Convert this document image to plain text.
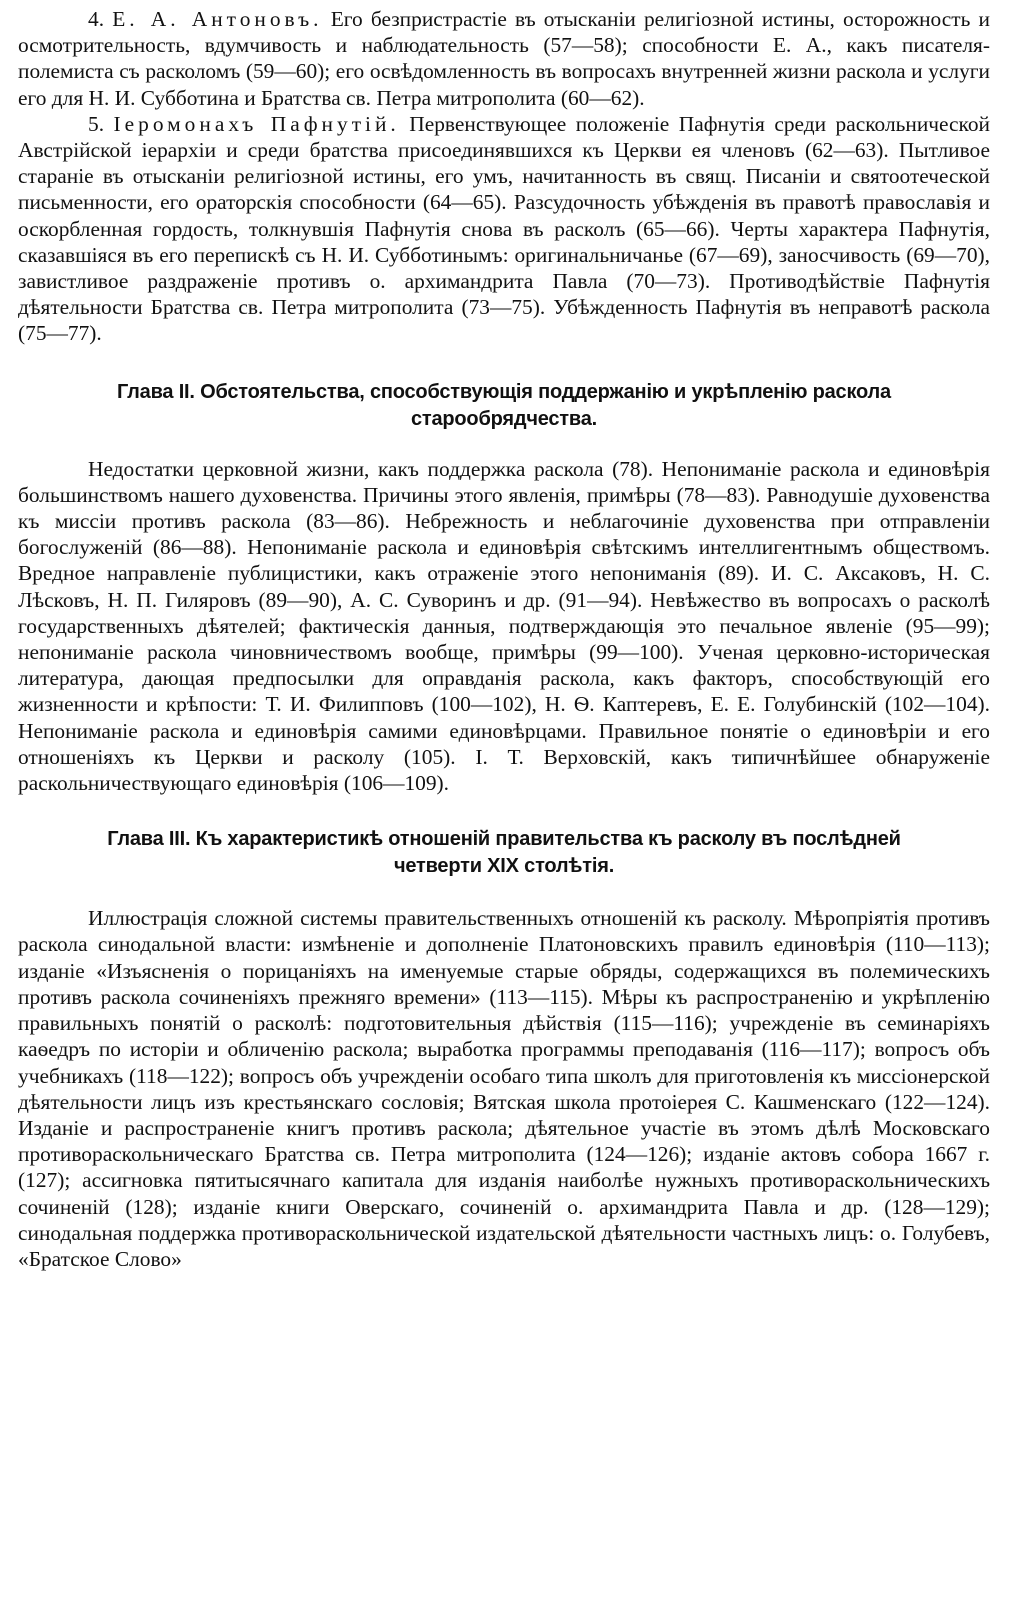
4. Е. А. Антоновъ. Его безпристрастіе въ отысканіи религіозной истины, осторожность и осмотрительность, вдумчивость и наблюдательность (57—58); способности Е. А., какъ писателя-полемиста съ расколомъ (59—60); его освѣдомленность въ вопросахъ внутренней жизни раскола и услуги его для Н. И. Субботина и Братства св. Петра митрополита (60—62).

5. Іеромонахъ Пафнутій. Первенствующее положеніе Пафнутія среди раскольнической Австрійской іерархіи и среди братства присоединявшихся къ Церкви ея членовъ (62—63). Пытливое стараніе въ отысканіи религіозной истины, его умъ, начитанность въ свящ. Писаніи и святоотеческой письменности, его ораторскія способности (64—65). Разсудочность убѣжденія въ правотѣ православія и оскорбленная гордость, толкнувшія Пафнутія снова въ расколъ (65—66). Черты характера Пафнутія, сказавшіяся въ его перепискѣ съ Н. И. Субботинымъ: оригинальничанье (67—69), заносчивость (69—70), завистливое раздраженіе противъ о. архимандрита Павла (70—73). Противодѣйствіе Пафнутія дѣятельности Братства св. Петра митрополита (73—75). Убѣжденность Пафнутія въ неправотѣ раскола (75—77).

Глава II. Обстоятельства, способствующія поддержанію и укрѣпленію раскола
старообрядчества.

Недостатки церковной жизни, какъ поддержка раскола (78). Непониманіе раскола и единовѣрія большинствомъ нашего духовенства. Причины этого явленія, примѣры (78—83). Равнодушіе духовенства къ миссіи противъ раскола (83—86). Небрежность и неблагочиніе духовенства при отправленіи богослуженій (86—88). Непониманіе раскола и единовѣрія свѣтскимъ интеллигентнымъ обществомъ. Вредное направленіе публицистики, какъ отраженіе этого непониманія (89). И. С. Аксаковъ, Н. С. Лѣсковъ, Н. П. Гиляровъ (89—90), А. С. Суворинъ и др. (91—94). Невѣжество въ вопросахъ о расколѣ государственныхъ дѣятелей; фактическія данныя, подтверждающія это печальное явленіе (95—99); непониманіе раскола чиновничествомъ вообще, примѣры (99—100). Ученая церковно-историческая литература, дающая предпосылки для оправданія раскола, какъ факторъ, способствующій его жизненности и крѣпости: Т. И. Филипповъ (100—102), Н. Ѳ. Каптеревъ, Е. Е. Голубинскій (102—104). Непониманіе раскола и единовѣрія самими единовѣрцами. Правильное понятіе о единовѣріи и его отношеніяхъ къ Церкви и расколу (105). І. Т. Верховскій, какъ типичнѣйшее обнаруженіе раскольничествующаго единовѣрія (106—109).

Глава III. Къ характеристикѣ отношеній правительства къ расколу въ послѣдней
четверти XIX столѣтія.

Иллюстрація сложной системы правительственныхъ отношеній къ расколу. Мѣропріятія противъ раскола синодальной власти: измѣненіе и дополненіе Платоновскихъ правилъ единовѣрія (110—113); изданіе «Изъясненія о порицаніяхъ на именуемые старые обряды, содержащихся въ полемическихъ противъ раскола сочиненіяхъ прежняго времени» (113—115). Мѣры къ распространенію и укрѣпленію правильныхъ понятій о расколѣ: подготовительныя дѣйствія (115—116); учрежденіе въ семинаріяхъ каѳедръ по исторіи и обличенію раскола; выработка программы преподаванія (116—117); вопросъ объ учебникахъ (118—122); вопросъ объ учрежденіи особаго типа школъ для приготовленія къ миссіонерской дѣятельности лицъ изъ крестьянскаго сословія; Вятская школа протоіерея С. Кашменскаго (122—124). Изданіе и распространеніе книгъ противъ раскола; дѣятельное участіе въ этомъ дѣлѣ Московскаго противораскольническаго Братства св. Петра митрополита (124—126); изданіе актовъ собора 1667 г. (127); ассигновка пятитысячнаго капитала для изданія наиболѣе нужныхъ противораскольническихъ сочиненій (128); изданіе книги Оверскаго, сочиненій о. архимандрита Павла и др. (128—129); синодальная поддержка противораскольнической издательской дѣятельности частныхъ лицъ: о. Голубевъ, «Братское Слово»
